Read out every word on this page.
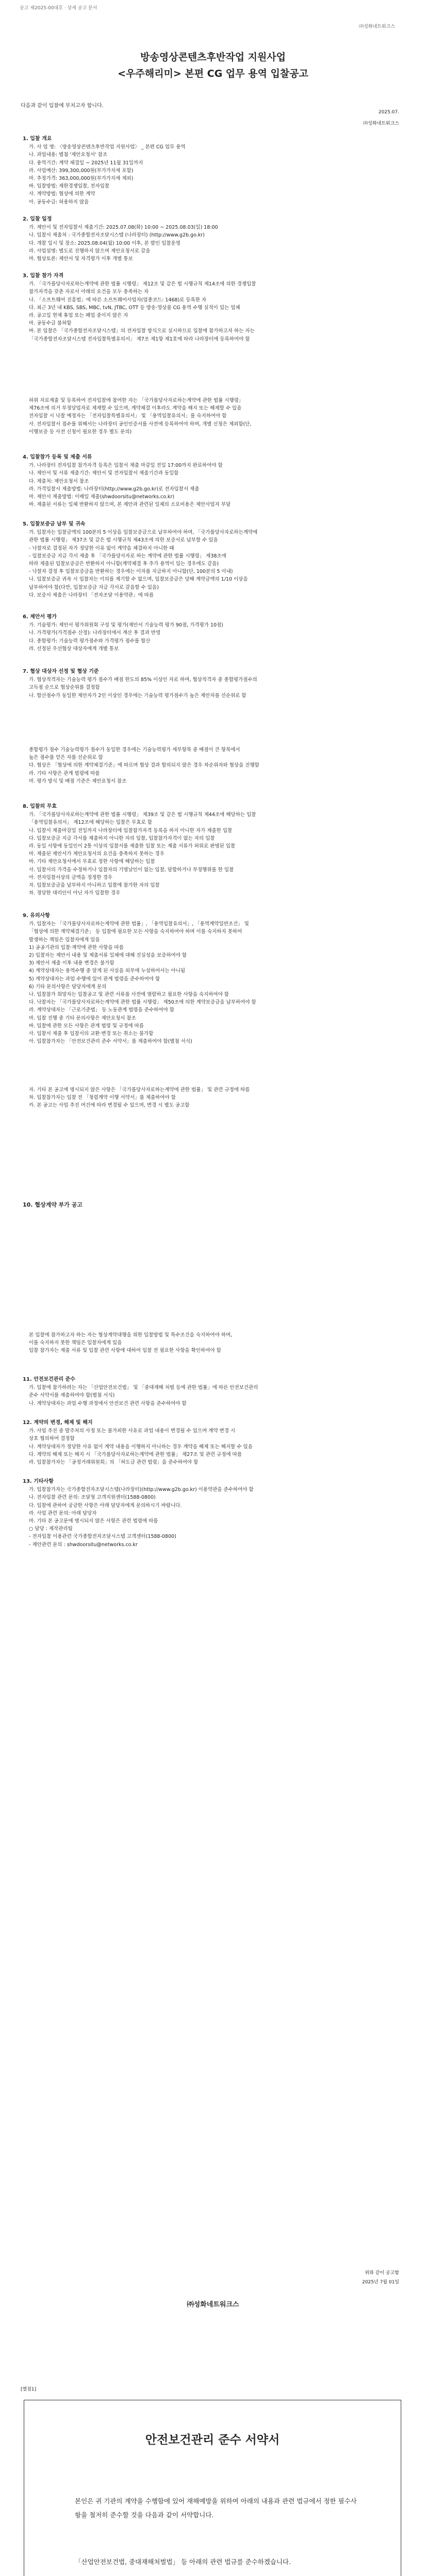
공고 제2025-00대호 · 상세 공고 문서
㈜성화네트워크스
방송영상콘텐츠후반작업 지원사업
<우주해리미> 본편 CG 업무 용역 입찰공고
다음과 같이 입찰에 부치고자 합니다.
2025.07.
㈜성화네트워크스
1. 입찰 개요

가. 사 업 명: 〈방송영상콘텐츠후반작업 지원사업〉 _ 본편 CG 업무 용역

나. 과업내용: 별첨 '제안요청서' 참조

다. 용역기간: 계약 체결일 ~ 2025년 11월 31일까지

라. 사업예산: 399,300,000원(부가가치세 포함)

마. 추정가격: 363,000,000원(부가가치세 제외)

바. 입찰방법: 제한경쟁입찰, 전자입찰

사. 계약방법: 협상에 의한 계약

아. 공동수급: 허용하지 않음

2. 입찰 일정

가. 제안서 및 전자입찰서 제출기간: 2025.07.08(화) 10:00 ~ 2025.08.03(일) 18:00

나. 입찰서 제출처 : 국가종합전자조달시스템 (나라장터) (http://www.g2b.go.kr)

다. 개찰 일시 및 장소: 2025.08.04(월) 10:00 이후, 본 발인 입찰운영

라. 사업설명: 별도로 진행하지 않으며 제안요청서로 갈음

마. 협상토론: 제안서 및 자격평가 이후 개별 통보

3. 입찰 참가 자격

가. 「국가를당사자로하는계약에 관한 법률 시행령」 제12조 및 같은 법 시행규칙 제14조에 의한 경쟁입찰

참가자격을 갖춘 자로서 아래의 요건을 모두 충족하는 자

나. 「소프트웨어 진흥법」에 따른 소프트웨어사업자(업종코드: 1468)로 등록한 자

다. 최근 3년 내 KBS, SBS, MBC, tvN, JTBC, OTT 등 방송·영상물 CG 용역 수행 실적이 있는 업체

라. 공고일 현재 휴업 또는 폐업 중이지 않은 자

마. 공동수급 불허함

바. 본 입찰은 「국가종합전자조달시스템」의 전자입찰 방식으로 실시하므로 입찰에 참가하고자 하는 자는

「국가종합전자조달시스템 전자입찰특별유의서」 제7조 제1항 제1호에 따라 나라장터에 등록하여야 함

허위 자료제출 및 등록하여 전자입찰에 참여한 자는 「국가를당사자로하는계약에 관한 법률 시행령」

제76조에 의거 부정당업자로 제재할 수 있으며, 계약체결 이후라도 계약을 해지 또는 해제할 수 있음

전자입찰 시 낙찰 예정자는 「전자입찰특별유의서」 및 「용역입찰유의서」를 숙지하여야 함

사. 전자입찰서 접수를 위해서는 나라장터 공인인증서를 사전에 등록하여야 하며, 개별 신청은 제외함(단,

이행보증 등 사전 신청이 필요한 경우 별도 문의)

4. 입찰참가 등록 및 제출 서류

가. 나라장터 전자입찰 참가자격 등록은 입찰서 제출 마감일 전일 17:00까지 완료하여야 함

나. 제안서 및 서류 제출기간: 제안서 및 전자입찰서 제출기간과 동일함

다. 제출처: 제안요청서 참조

라. 가격입찰서 제출방법: 나라장터(http://www.g2b.go.kr)로 전자입찰서 제출

마. 제안서 제출방법: 이메일 제출(shwdoorsitu@networks.co.kr)

바. 제출된 서류는 일체 반환하지 않으며, 본 제안과 관련된 일체의 소요비용은 제안사업자 부담

5. 입찰보증금 납부 및 귀속

가. 입찰자는 입찰금액의 100분의 5 이상을 입찰보증금으로 납부하여야 하며, 「국가를당사자로하는계약에

관한 법률 시행령」 제37조 및 같은 법 시행규칙 제43조에 의한 보증서로 납부할 수 있음

- 낙찰자로 결정된 자가 정당한 이유 없이 계약을 체결하지 아니한 때

- 입찰보증금 지급 각서 제출 후 「국가를당사자로 하는 계약에 관한 법률 시행령」 제38조에

따라 제출된 입찰보증금은 반환하지 아니함(계약체결 후 추가 용역이 있는 경우에도 같음)

- 낙찰자 결정 후 입찰보증금을 반환하는 경우에는 이자를 지급하지 아니함(단, 100분의 5 이내)

나. 입찰보증금 귀속 시 입찰자는 이의를 제기할 수 없으며, 입찰보증금은 당해 계약금액의 1/10 이상을

납부하여야 함(다만, 입찰보증금 지급 각서로 갈음할 수 있음)

다. 보증서 제출은 나라장터 「전자조달 이용약관」에 따름

6. 제안서 평가

가. 기술평가: 제안서 평가위원회 구성 및 평가(제안서 기술능력 평가 90점, 가격평가 10점)

나. 가격평가(가격점수 산정): 나라장터에서 계산 후 결과 반영

다. 종합평가: 기술능력 평가점수와 가격평가 점수를 합산

라. 선정된 우선협상 대상자에게 개별 통보

7. 협상 대상자 선정 및 협상 기준

가. 협상적격자는 기술능력 평가 점수가 배점 한도의 85% 이상인 자로 하며, 협상적격자 중 종합평가점수의

고득점 순으로 협상순위를 결정함

나. 합산점수가 동일한 제안자가 2인 이상인 경우에는 기술능력 평가점수가 높은 제안자를 선순위로 함

종합평가 점수 기술능력평가 점수가 동일한 경우에는 기술능력평가 세부항목 중 배점이 큰 항목에서

높은 점수를 얻은 자를 선순위로 함

다. 협상은 「협상에 의한 계약체결기준」에 따르며 협상 결과 합의되지 않은 경우 차순위자와 협상을 진행함

라. 기타 사항은 관계 법령에 따름

마. 평가 방식 및 배점 기준은 제안요청서 참조

8. 입찰의 무효

가. 「국가를당사자로하는계약에 관한 법률 시행령」 제39조 및 같은 법 시행규칙 제44조에 해당하는 입찰

「용역입찰유의서」 제12조에 해당하는 입찰은 무효로 함

나. 입찰서 제출마감일 전일까지 나라장터에 입찰참가자격 등록을 하지 아니한 자가 제출한 입찰

다. 입찰보증금 지급 각서를 제출하지 아니한 자의 입찰, 입찰참가자격이 없는 자의 입찰

라. 동일 사항에 동일인이 2통 이상의 입찰서를 제출한 입찰 또는 제출 서류가 허위로 판명된 입찰

마. 제출된 제안서가 제안요청서의 요건을 충족하지 못하는 경우

바. 기타 제안요청서에서 무효로 정한 사항에 해당하는 입찰

사. 입찰서의 가격을 수정하거나 입찰자의 기명날인이 없는 입찰, 담합하거나 부정행위를 한 입찰

아. 전자입찰서상의 금액을 정정한 경우

자. 입찰보증금을 납부하지 아니하고 입찰에 참가한 자의 입찰

차. 정당한 대리인이 아닌 자가 입찰한 경우

9. 유의사항

가. 입찰자는 「국가를당사자로하는계약에 관한 법률」, 「용역입찰유의서」, 「용역계약일반조건」 및

「협상에 의한 계약체결기준」 등 입찰에 필요한 모든 사항을 숙지하여야 하며 이를 숙지하지 못하여

발생하는 책임은 입찰자에게 있음

1) 공공기관의 입찰·계약에 관한 사항을 따름

2) 입찰자는 제안서 내용 및 제출서류 일체에 대해 진실성을 보증하여야 함

3) 제안서 제출 이후 내용 변경은 불가함

4) 계약상대자는 용역수행 중 알게 된 사실을 외부에 누설하여서는 아니됨

5) 계약상대자는 과업 수행에 있어 관계 법령을 준수하여야 함

6) 기타 문의사항은 담당자에게 문의

나. 입찰참가 희망자는 입찰공고 및 관련 서류를 사전에 열람하고 필요한 사항을 숙지하여야 함

다. 낙찰자는 「국가를당사자로하는계약에 관한 법률 시행령」 제50조에 의한 계약보증금을 납부하여야 함

라. 계약상대자는 「근로기준법」 등 노동관계 법령을 준수하여야 함

마. 입찰 진행 중 기타 문의사항은 제안요청서 참조

바. 입찰에 관한 모든 사항은 관계 법령 및 규정에 따름

사. 입찰서 제출 후 입찰서의 교환·변경 또는 취소는 불가함

아. 입찰참가자는 「안전보건관리 준수 서약서」를 제출하여야 함(별첨 서식)

자. 기타 본 공고에 명시되지 않은 사항은 「국가를당사자로하는계약에 관한 법률」 및 관련 규정에 따름

차. 입찰참가자는 입찰 전 「청렴계약 이행 서약서」를 제출하여야 함

카. 본 공고는 사업 추진 여건에 따라 변경될 수 있으며, 변경 시 별도 공고함

10. 협상계약 부가 공고

본 입찰에 참가하고자 하는 자는 협상계약대행을 위한 입찰방법 및 특수조건을 숙지하여야 하며,

이를 숙지하지 못한 책임은 입찰자에게 있음

입찰 참가자는 제출 서류 및 입찰 관련 사항에 대하여 입찰 전 필요한 사항을 확인하여야 함

11. 안전보건관리 준수

가. 입찰에 참가하려는 자는 「산업안전보건법」 및 「중대재해 처벌 등에 관한 법률」에 따른 안전보건관리

준수 서약서를 제출하여야 함(별첨 서식)

나. 계약상대자는 과업 수행 과정에서 안전보건 관련 사항을 준수하여야 함

12. 계약의 변경, 해제 및 해지

가. 사업 추진 중 발주처의 사정 또는 불가피한 사유로 과업 내용이 변경될 수 있으며 계약 변경 시

상호 협의하여 결정함

나. 계약상대자가 정당한 사유 없이 계약 내용을 이행하지 아니하는 경우 계약을 해제 또는 해지할 수 있음

다. 계약의 해제 또는 해지 시 「국가를당사자로하는계약에 관한 법률」 제27조 및 관련 규정에 따름

라. 입찰참가자는 「공정거래위원회」의 「하도급 관련 법령」을 준수하여야 함

13. 기타사항

가. 입찰참가자는 국가종합전자조달시스템(나라장터)(http://www.g2b.go.kr) 이용약관을 준수하여야 함

나. 전자입찰 관련 문의: 조달청 고객지원센터(1588-0800)

다. 입찰에 관하여 궁금한 사항은 아래 담당자에게 문의하시기 바랍니다.

라. 사업 관련 문의: 아래 담당자

마. 기타 본 공고문에 명시되지 않은 사항은 관련 법령에 따름

○ 담당 : 제작관리팀

- 전자입찰 이용관련 국가종합전자조달시스템 고객센터(1588-0800)

- 제안관련 문의 : shwdoorsitu@networks.co.kr

위와 같이 공고함
2025년 7월 01일
㈜성화네트워크스
[별첨1]
안전보건관리 준수 서약서
본인은 귀 기관의 계약을 수행함에 있어 재해예방을 위하여 아래의 내용과 관련 법규에서 정한 필수사항을 철저히 준수할 것을 다음과 같이 서약합니다.
「산업안전보건법, 중대재해처벌법」 등 아래의 관련 법규를 준수하겠습니다.
